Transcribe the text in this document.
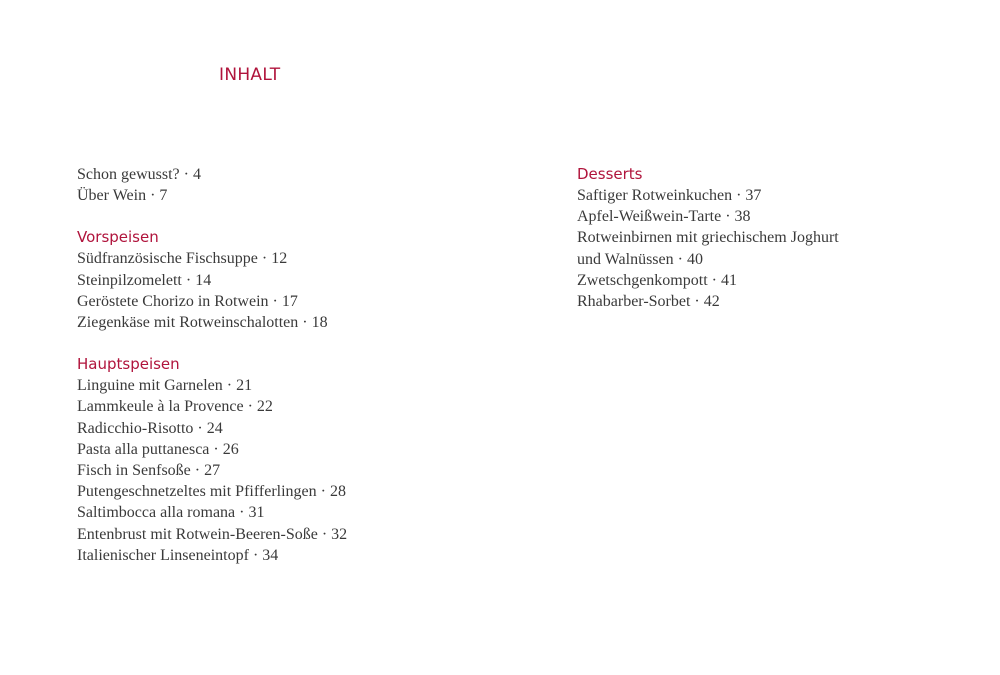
INHALT
Schon gewusst? · 4
Über Wein · 7
Vorspeisen
Südfranzösische Fischsuppe · 12
Steinpilzomelett · 14
Geröstete Chorizo in Rotwein · 17
Ziegenkäse mit Rotweinschalotten · 18
Hauptspeisen
Linguine mit Garnelen · 21
Lammkeule à la Provence · 22
Radicchio-Risotto · 24
Pasta alla puttanesca · 26
Fisch in Senfsoße · 27
Putengeschnetzeltes mit Pfifferlingen · 28
Saltimbocca alla romana · 31
Entenbrust mit Rotwein-Beeren-Soße · 32
Italienischer Linseneintopf · 34
Desserts
Saftiger Rotweinkuchen · 37
Apfel-Weißwein-Tarte · 38
Rotweinbirnen mit griechischem Joghurt
und Walnüssen · 40
Zwetschgenkompott · 41
Rhabarber-Sorbet · 42
